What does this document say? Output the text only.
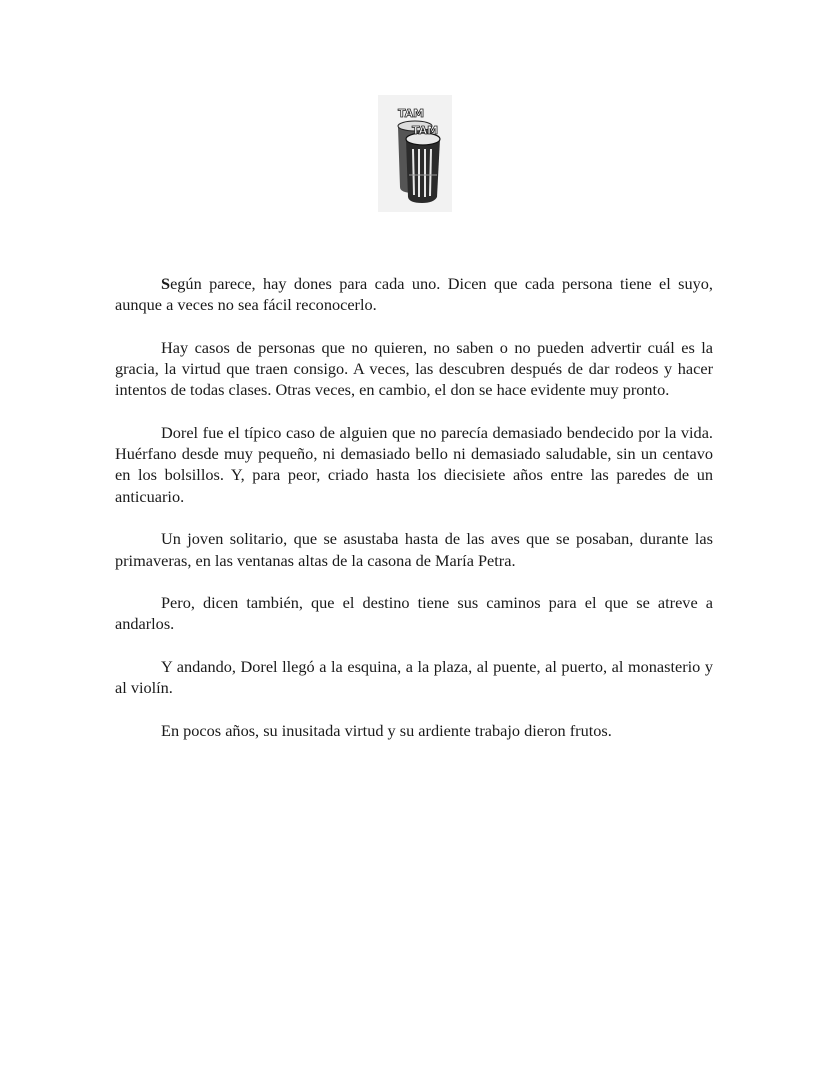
TAM
TAM

Según parece, hay dones para cada uno. Dicen que cada persona tiene el suyo, aunque a veces no sea fácil reconocerlo.

Hay casos de personas que no quieren, no saben o no pueden advertir cuál es la gracia, la virtud que traen consigo. A veces, las descubren después de dar rodeos y hacer intentos de todas clases. Otras veces, en cambio, el don se hace evidente muy pronto.

Dorel fue el típico caso de alguien que no parecía demasiado bendecido por la vida. Huérfano desde muy pequeño, ni demasiado bello ni demasiado saludable, sin un centavo en los bolsillos. Y, para peor, criado hasta los diecisiete años entre las paredes de un anticuario.

Un joven solitario, que se asustaba hasta de las aves que se posaban, durante las primaveras, en las ventanas altas de la casona de María Petra.

Pero, dicen también, que el destino tiene sus caminos para el que se atreve a andarlos.

Y andando, Dorel llegó a la esquina, a la plaza, al puente, al puerto, al monasterio y al violín.

En pocos años, su inusitada virtud y su ardiente trabajo dieron frutos.
